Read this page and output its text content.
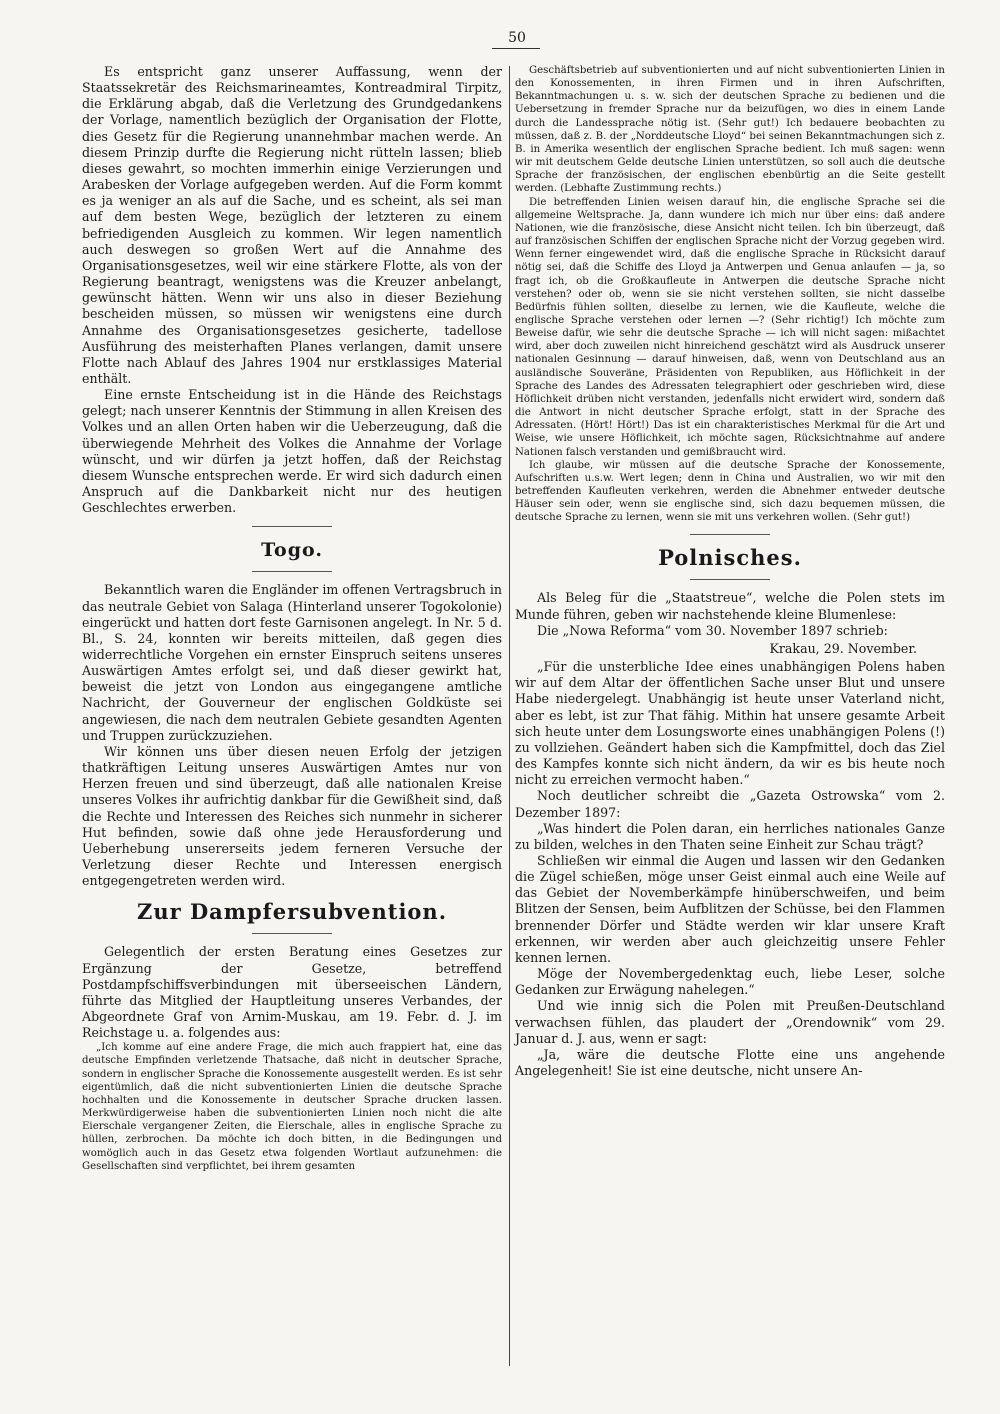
50

Es entspricht ganz unserer Auffassung, wenn der Staatssekretär des Reichsmarineamtes, Kontreadmiral Tirpitz, die Erklärung abgab, daß die Verletzung des Grundgedankens der Vorlage, namentlich bezüglich der Organisation der Flotte, dies Gesetz für die Regierung unannehmbar machen werde. An diesem Prinzip durfte die Regierung nicht rütteln lassen; blieb dieses gewahrt, so mochten immerhin einige Verzierungen und Arabesken der Vorlage aufgegeben werden. Auf die Form kommt es ja weniger an als auf die Sache, und es scheint, als sei man auf dem besten Wege, bezüglich der letzteren zu einem befriedigenden Ausgleich zu kommen. Wir legen namentlich auch deswegen so großen Wert auf die Annahme des Organisationsgesetzes, weil wir eine stärkere Flotte, als von der Regierung beantragt, wenigstens was die Kreuzer anbelangt, gewünscht hätten. Wenn wir uns also in dieser Beziehung bescheiden müssen, so müssen wir wenigstens eine durch Annahme des Organisationsgesetzes gesicherte, tadellose Ausführung des meisterhaften Planes verlangen, damit unsere Flotte nach Ablauf des Jahres 1904 nur erstklassiges Material enthält.

Eine ernste Entscheidung ist in die Hände des Reichstags gelegt; nach unserer Kenntnis der Stimmung in allen Kreisen des Volkes und an allen Orten haben wir die Ueberzeugung, daß die überwiegende Mehrheit des Volkes die Annahme der Vorlage wünscht, und wir dürfen ja jetzt hoffen, daß der Reichstag diesem Wunsche entsprechen werde. Er wird sich dadurch einen Anspruch auf die Dankbarkeit nicht nur des heutigen Geschlechtes erwerben.

Togo.

Bekanntlich waren die Engländer im offenen Vertragsbruch in das neutrale Gebiet von Salaga (Hinterland unserer Togokolonie) eingerückt und hatten dort feste Garnisonen angelegt. In Nr. 5 d. Bl., S. 24, konnten wir bereits mitteilen, daß gegen dies widerrechtliche Vorgehen ein ernster Einspruch seitens unseres Auswärtigen Amtes erfolgt sei, und daß dieser gewirkt hat, beweist die jetzt von London aus eingegangene amtliche Nachricht, der Gouverneur der englischen Goldküste sei angewiesen, die nach dem neutralen Gebiete gesandten Agenten und Truppen zurückzuziehen.

Wir können uns über diesen neuen Erfolg der jetzigen thatkräftigen Leitung unseres Auswärtigen Amtes nur von Herzen freuen und sind überzeugt, daß alle nationalen Kreise unseres Volkes ihr aufrichtig dankbar für die Gewißheit sind, daß die Rechte und Interessen des Reiches sich nunmehr in sicherer Hut befinden, sowie daß ohne jede Herausforderung und Ueberhebung unsererseits jedem ferneren Versuche der Verletzung dieser Rechte und Interessen energisch entgegengetreten werden wird.

Zur Dampfersubvention.

Gelegentlich der ersten Beratung eines Gesetzes zur Ergänzung der Gesetze, betreffend Postdampfschiffsverbindungen mit überseeischen Ländern, führte das Mitglied der Hauptleitung unseres Verbandes, der Abgeordnete Graf von Arnim-Muskau, am 19. Febr. d. J. im Reichstage u. a. folgendes aus:

„Ich komme auf eine andere Frage, die mich auch frappiert hat, eine das deutsche Empfinden verletzende Thatsache, daß nicht in deutscher Sprache, sondern in englischer Sprache die Konossemente ausgestellt werden. Es ist sehr eigentümlich, daß die nicht subventionierten Linien die deutsche Sprache hochhalten und die Konossemente in deutscher Sprache drucken lassen. Merkwürdigerweise haben die subventionierten Linien noch nicht die alte Eierschale vergangener Zeiten, die Eierschale, alles in englische Sprache zu hüllen, zerbrochen. Da möchte ich doch bitten, in die Bedingungen und womöglich auch in das Gesetz etwa folgenden Wortlaut aufzunehmen: die Gesellschaften sind verpflichtet, bei ihrem gesamten

Geschäftsbetrieb auf subventionierten und auf nicht subventionierten Linien in den Konossementen, in ihren Firmen und in ihren Aufschriften, Bekanntmachungen u. s. w. sich der deutschen Sprache zu bedienen und die Uebersetzung in fremder Sprache nur da beizufügen, wo dies in einem Lande durch die Landessprache nötig ist. (Sehr gut!) Ich bedauere beobachten zu müssen, daß z. B. der „Norddeutsche Lloyd“ bei seinen Bekanntmachungen sich z. B. in Amerika wesentlich der englischen Sprache bedient. Ich muß sagen: wenn wir mit deutschem Gelde deutsche Linien unterstützen, so soll auch die deutsche Sprache der französischen, der englischen ebenbürtig an die Seite gestellt werden. (Lebhafte Zustimmung rechts.)

Die betreffenden Linien weisen darauf hin, die englische Sprache sei die allgemeine Weltsprache. Ja, dann wundere ich mich nur über eins: daß andere Nationen, wie die französische, diese Ansicht nicht teilen. Ich bin überzeugt, daß auf französischen Schiffen der englischen Sprache nicht der Vorzug gegeben wird. Wenn ferner eingewendet wird, daß die englische Sprache in Rücksicht darauf nötig sei, daß die Schiffe des Lloyd ja Antwerpen und Genua anlaufen — ja, so fragt ich, ob die Großkaufleute in Antwerpen die deutsche Sprache nicht verstehen? oder ob, wenn sie sie nicht verstehen sollten, sie nicht dasselbe Bedürfnis fühlen sollten, dieselbe zu lernen, wie die Kaufleute, welche die englische Sprache verstehen oder lernen —? (Sehr richtig!) Ich möchte zum Beweise dafür, wie sehr die deutsche Sprache — ich will nicht sagen: mißachtet wird, aber doch zuweilen nicht hinreichend geschätzt wird als Ausdruck unserer nationalen Gesinnung — darauf hinweisen, daß, wenn von Deutschland aus an ausländische Souveräne, Präsidenten von Republiken, aus Höflichkeit in der Sprache des Landes des Adressaten telegraphiert oder geschrieben wird, diese Höflichkeit drüben nicht verstanden, jedenfalls nicht erwidert wird, sondern daß die Antwort in nicht deutscher Sprache erfolgt, statt in der Sprache des Adressaten. (Hört! Hört!) Das ist ein charakteristisches Merkmal für die Art und Weise, wie unsere Höflichkeit, ich möchte sagen, Rücksichtnahme auf andere Nationen falsch verstanden und gemißbraucht wird.

Ich glaube, wir müssen auf die deutsche Sprache der Konossemente, Aufschriften u.s.w. Wert legen; denn in China und Australien, wo wir mit den betreffenden Kaufleuten verkehren, werden die Abnehmer entweder deutsche Häuser sein oder, wenn sie englische sind, sich dazu bequemen müssen, die deutsche Sprache zu lernen, wenn sie mit uns verkehren wollen. (Sehr gut!)

Polnisches.

Als Beleg für die „Staatstreue“, welche die Polen stets im Munde führen, geben wir nachstehende kleine Blumenlese:

Die „Nowa Reforma“ vom 30. November 1897 schrieb:

Krakau, 29. November.

„Für die unsterbliche Idee eines unabhängigen Polens haben wir auf dem Altar der öffentlichen Sache unser Blut und unsere Habe niedergelegt. Unabhängig ist heute unser Vaterland nicht, aber es lebt, ist zur That fähig. Mithin hat unsere gesamte Arbeit sich heute unter dem Losungsworte eines unabhängigen Polens (!) zu vollziehen. Geändert haben sich die Kampfmittel, doch das Ziel des Kampfes konnte sich nicht ändern, da wir es bis heute noch nicht zu erreichen vermocht haben.“

Noch deutlicher schreibt die „Gazeta Ostrowska“ vom 2. Dezember 1897:

„Was hindert die Polen daran, ein herrliches nationales Ganze zu bilden, welches in den Thaten seine Einheit zur Schau trägt?

Schließen wir einmal die Augen und lassen wir den Gedanken die Zügel schießen, möge unser Geist einmal auch eine Weile auf das Gebiet der Novemberkämpfe hinüberschweifen, und beim Blitzen der Sensen, beim Aufblitzen der Schüsse, bei den Flammen brennender Dörfer und Städte werden wir klar unsere Kraft erkennen, wir werden aber auch gleichzeitig unsere Fehler kennen lernen.

Möge der Novembergedenktag euch, liebe Leser, solche Gedanken zur Erwägung nahelegen.“

Und wie innig sich die Polen mit Preußen-Deutschland verwachsen fühlen, das plaudert der „Orendownik“ vom 29. Januar d. J. aus, wenn er sagt:

„Ja, wäre die deutsche Flotte eine uns angehende Angelegenheit! Sie ist eine deutsche, nicht unsere An-
